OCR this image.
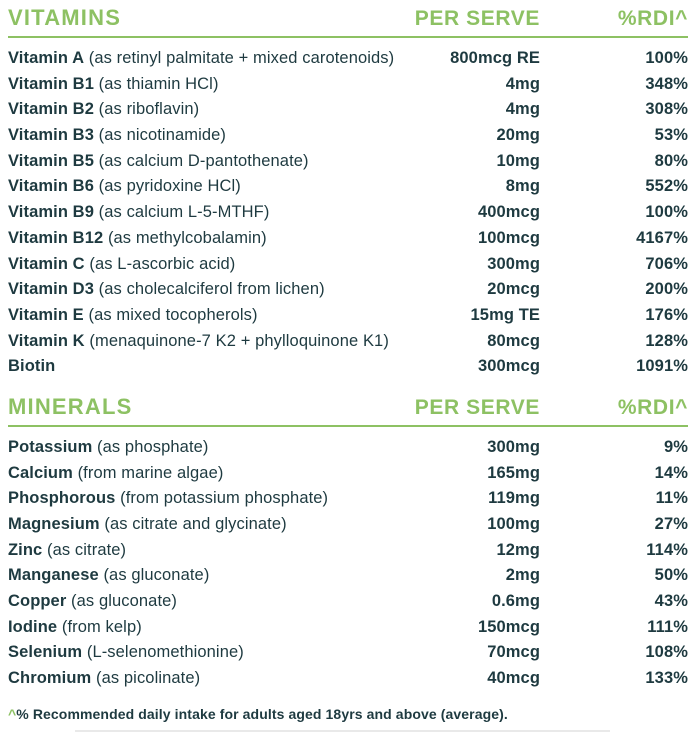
VITAMINS	PER SERVE	%RDI^
Vitamin A (as retinyl palmitate + mixed carotenoids)	800mcg RE	100%
Vitamin B1 (as thiamin HCl)	4mg	348%
Vitamin B2 (as riboflavin)	4mg	308%
Vitamin B3 (as nicotinamide)	20mg	53%
Vitamin B5 (as calcium D-pantothenate)	10mg	80%
Vitamin B6 (as pyridoxine HCl)	8mg	552%
Vitamin B9 (as calcium L-5-MTHF)	400mcg	100%
Vitamin B12 (as methylcobalamin)	100mcg	4167%
Vitamin C (as L-ascorbic acid)	300mg	706%
Vitamin D3 (as cholecalciferol from lichen)	20mcg	200%
Vitamin E (as mixed tocopherols)	15mg TE	176%
Vitamin K (menaquinone-7 K2 + phylloquinone K1)	80mcg	128%
Biotin	300mcg	1091%
MINERALS	PER SERVE	%RDI^
Potassium (as phosphate)	300mg	9%
Calcium (from marine algae)	165mg	14%
Phosphorous (from potassium phosphate)	119mg	11%
Magnesium (as citrate and glycinate)	100mg	27%
Zinc (as citrate)	12mg	114%
Manganese (as gluconate)	2mg	50%
Copper (as gluconate)	0.6mg	43%
Iodine (from kelp)	150mcg	111%
Selenium (L-selenomethionine)	70mcg	108%
Chromium (as picolinate)	40mcg	133%

^% Recommended daily intake for adults aged 18yrs and above (average).
